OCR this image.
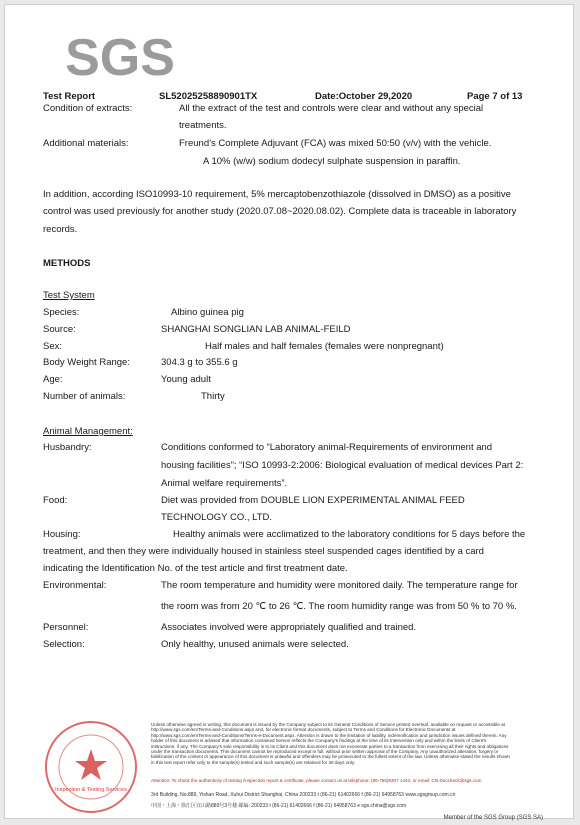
SGS
Test Report	SL52025258890901TX	Date:October 29,2020	Page 7 of 13
Condition of extracts:	All the extract of the test and controls were clear and without any special
treatments.
Additional materials:	Freund’s Complete Adjuvant (FCA) was mixed 50:50 (v/v) with the vehicle.
A 10% (w/w) sodium dodecyl sulphate suspension in paraffin.
In addition, according ISO10993-10 requirement, 5% mercaptobenzothiazole (dissolved in DMSO) as a positive
control was used previously for another study (2020.07.08~2020.08.02). Complete data is traceable in laboratory
records.
METHODS
Test System
Species:	Albino guinea pig
Source:	SHANGHAI SONGLIAN LAB ANIMAL-FEILD
Sex:	Half males and half females (females were nonpregnant)
Body Weight Range:	304.3 g to 355.6 g
Age:	Young adult
Number of animals:	Thirty
Animal Management:
Husbandry:	Conditions conformed to “Laboratory animal-Requirements of environment and
housing facilities”; “ISO 10993-2:2006: Biological evaluation of medical devices Part 2:
Animal welfare requirements”.
Food:	Diet was provided from DOUBLE LION EXPERIMENTAL ANIMAL FEED
TECHNOLOGY CO., LTD.
Housing:	Healthy animals were acclimatized to the laboratory conditions for 5 days before the
treatment, and then they were individually housed in stainless steel suspended cages identified by a card
indicating the Identification No. of the test article and first treatment date.
Environmental:	The room temperature and humidity were monitored daily. The temperature range for
the room was from 20 ℃ to 26 ℃. The room humidity range was from 50 % to 70 %.
Personnel:	Associates involved were appropriately qualified and trained.
Selection:	Only healthy, unused animals were selected.
Inspection & Testing Services
Unless otherwise agreed in writing, this document is issued by the Company subject to its General Conditions of Service printed overleaf, available on request or accessible at http://www.sgs.com/en/Terms-and-Conditions.aspx and, for electronic format documents, subject to Terms and Conditions for Electronic Documents at http://www.sgs.com/en/Terms-and-Conditions/Terms-e-Document.aspx. Attention is drawn to the limitation of liability, indemnification and jurisdiction issues defined therein. Any holder of this document is advised that information contained hereon reflects the Company's findings at the time of its intervention only and within the limits of Client's instructions, if any. The Company's sole responsibility is to its Client and this document does not exonerate parties to a transaction from exercising all their rights and obligations under the transaction documents. This document cannot be reproduced except in full, without prior written approval of the Company. Any unauthorized alteration, forgery or falsification of the content or appearance of this document is unlawful and offenders may be prosecuted to the fullest extent of the law. Unless otherwise stated the results shown in this test report refer only to the sample(s) tested and such sample(s) are retained for 30 days only.
Attention: To check the authenticity of testing /inspection report & certificate, please contact us at telephone: (86-755)8307 1443, or email: CN.Doccheck@sgs.com
3rd Building, No.889, Yishan Road, Xuhui District Shanghai, China 200233 t (86-21) 61402666 f (86-21) 64958763 www.sgsgroup.com.cn
中国・上海・徐汇区宜山路889号3号楼 邮编: 200233 t (86-21) 61402666 f (86-21) 64958763 e sgs.china@sgs.com
Member of the SGS Group (SGS SA)
